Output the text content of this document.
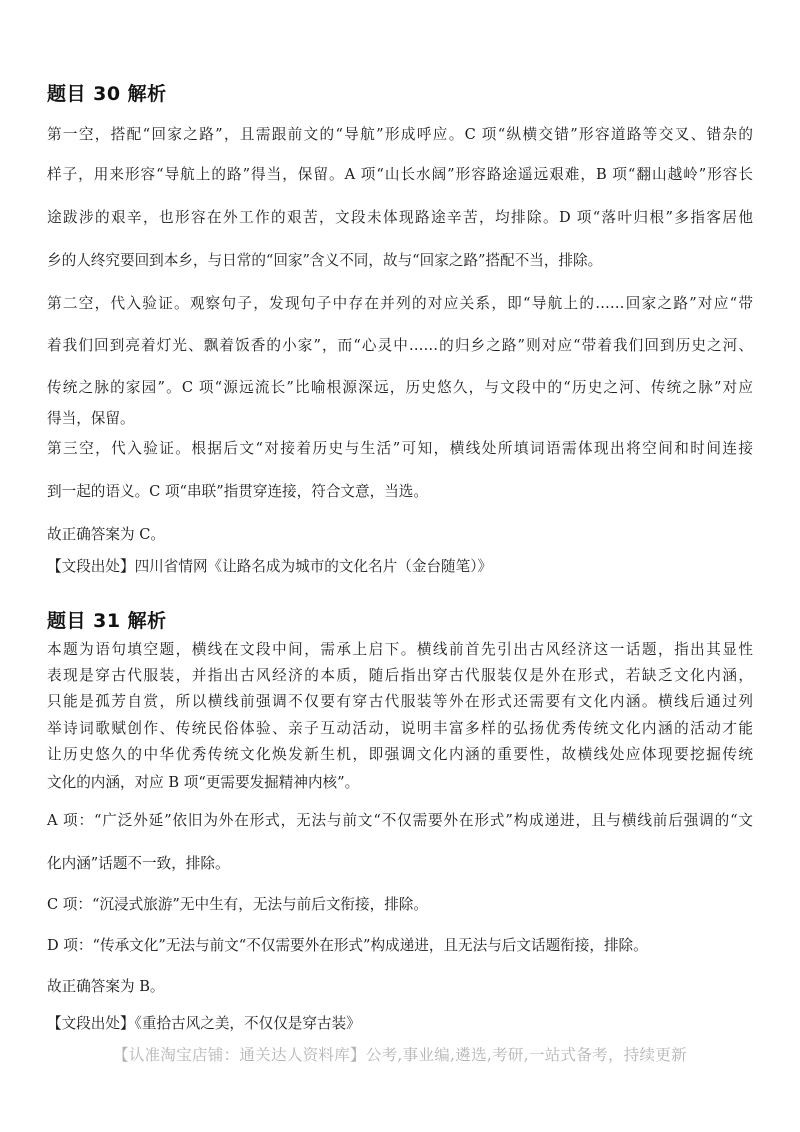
题目 30 解析
第一空，搭配“回家之路”，且需跟前文的“导航”形成呼应。C 项“纵横交错”形容道路等交叉、错杂的
样子，用来形容“导航上的路”得当，保留。A 项“山长水阔”形容路途遥远艰难，B 项“翻山越岭”形容长
途跋涉的艰辛，也形容在外工作的艰苦，文段未体现路途辛苦，均排除。D 项“落叶归根”多指客居他
乡的人终究要回到本乡，与日常的“回家”含义不同，故与“回家之路”搭配不当，排除。
第二空，代入验证。观察句子，发现句子中存在并列的对应关系，即“导航上的……回家之路”对应“带
着我们回到亮着灯光、飘着饭香的小家”，而“心灵中……的归乡之路”则对应“带着我们回到历史之河、
传统之脉的家园”。C 项“源远流长”比喻根源深远，历史悠久，与文段中的“历史之河、传统之脉”对应
得当，保留。
第三空，代入验证。根据后文“对接着历史与生活”可知，横线处所填词语需体现出将空间和时间连接
到一起的语义。C 项“串联”指贯穿连接，符合文意，当选。
故正确答案为 C。
【文段出处】四川省情网《让路名成为城市的文化名片（金台随笔）》
题目 31 解析
本题为语句填空题，横线在文段中间，需承上启下。横线前首先引出古风经济这一话题，指出其显性
表现是穿古代服装，并指出古风经济的本质，随后指出穿古代服装仅是外在形式，若缺乏文化内涵，
只能是孤芳自赏，所以横线前强调不仅要有穿古代服装等外在形式还需要有文化内涵。横线后通过列
举诗词歌赋创作、传统民俗体验、亲子互动活动，说明丰富多样的弘扬优秀传统文化内涵的活动才能
让历史悠久的中华优秀传统文化焕发新生机，即强调文化内涵的重要性，故横线处应体现要挖掘传统
文化的内涵，对应 B 项“更需要发掘精神内核”。
A 项：“广泛外延”依旧为外在形式，无法与前文“不仅需要外在形式”构成递进，且与横线前后强调的“文
化内涵”话题不一致，排除。
C 项：“沉浸式旅游”无中生有，无法与前后文衔接，排除。
D 项：“传承文化”无法与前文“不仅需要外在形式”构成递进，且无法与后文话题衔接，排除。
故正确答案为 B。
【文段出处】《重拾古风之美，不仅仅是穿古装》
【认准淘宝店铺：通关达人资料库】公考,事业编,遴选,考研,一站式备考，持续更新
